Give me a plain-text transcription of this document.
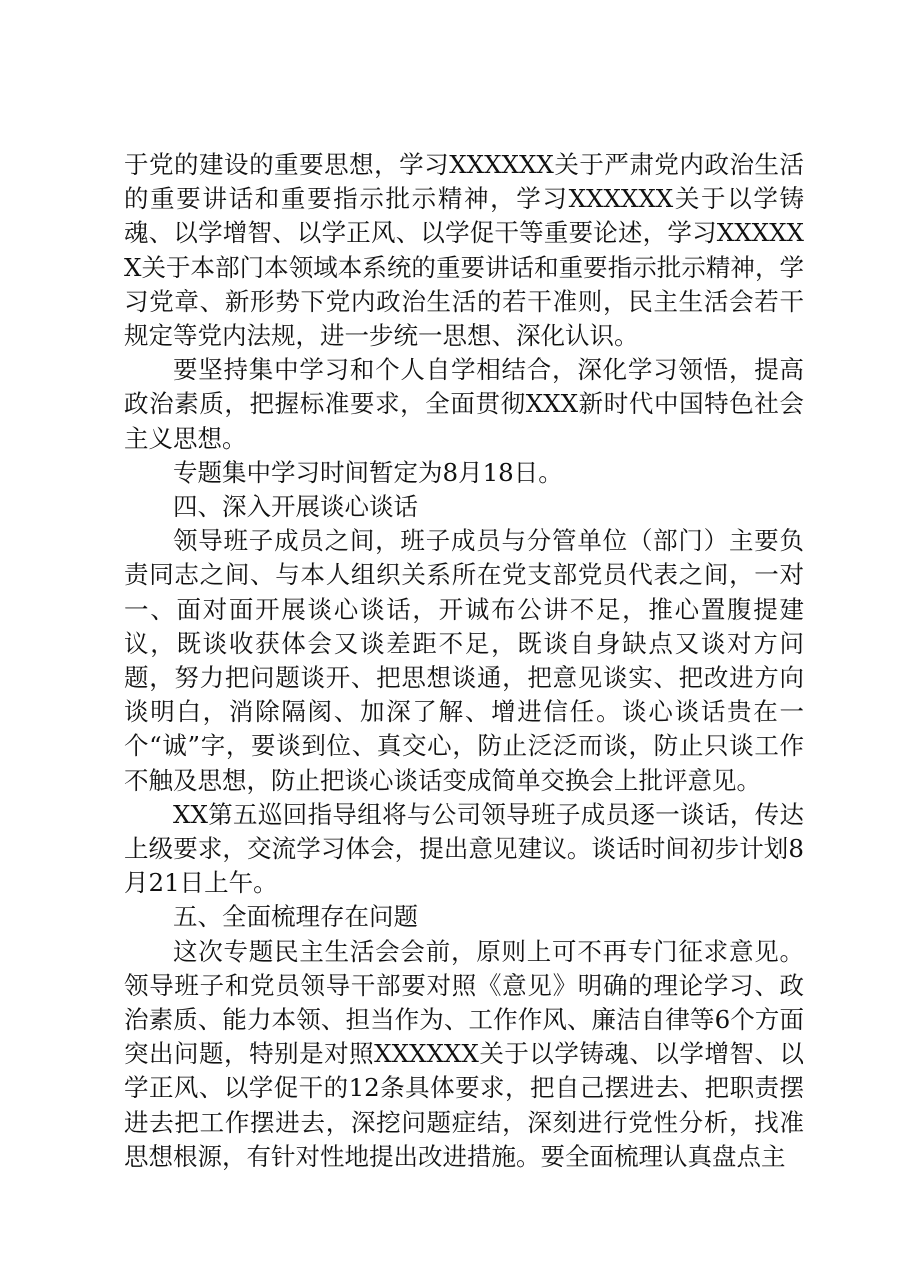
于党的建设的重要思想，学习XXXXXX关于严肃党内政治生活的重要讲话和重要指示批示精神，学习XXXXXX关于以学铸魂、以学增智、以学正风、以学促干等重要论述，学习XXXXXX关于本部门本领域本系统的重要讲话和重要指示批示精神，学习党章、新形势下党内政治生活的若干准则，民主生活会若干规定等党内法规，进一步统一思想、深化认识。

要坚持集中学习和个人自学相结合，深化学习领悟，提高政治素质，把握标准要求，全面贯彻XXX新时代中国特色社会主义思想。

专题集中学习时间暂定为8月18日。

四、深入开展谈心谈话

领导班子成员之间，班子成员与分管单位（部门）主要负责同志之间、与本人组织关系所在党支部党员代表之间，一对一、面对面开展谈心谈话，开诚布公讲不足，推心置腹提建议，既谈收获体会又谈差距不足，既谈自身缺点又谈对方问题，努力把问题谈开、把思想谈通，把意见谈实、把改进方向谈明白，消除隔阂、加深了解、增进信任。谈心谈话贵在一个“诚”字，要谈到位、真交心，防止泛泛而谈，防止只谈工作不触及思想，防止把谈心谈话变成简单交换会上批评意见。

XX第五巡回指导组将与公司领导班子成员逐一谈话，传达上级要求，交流学习体会，提出意见建议。谈话时间初步计划8月21日上午。

五、全面梳理存在问题

这次专题民主生活会会前，原则上可不再专门征求意见。领导班子和党员领导干部要对照《意见》明确的理论学习、政治素质、能力本领、担当作为、工作作风、廉洁自律等6个方面突出问题，特别是对照XXXXXX关于以学铸魂、以学增智、以学正风、以学促干的12条具体要求，把自己摆进去、把职责摆进去把工作摆进去，深挖问题症结，深刻进行党性分析，找准思想根源，有针对性地提出改进措施。要全面梳理认真盘点主
